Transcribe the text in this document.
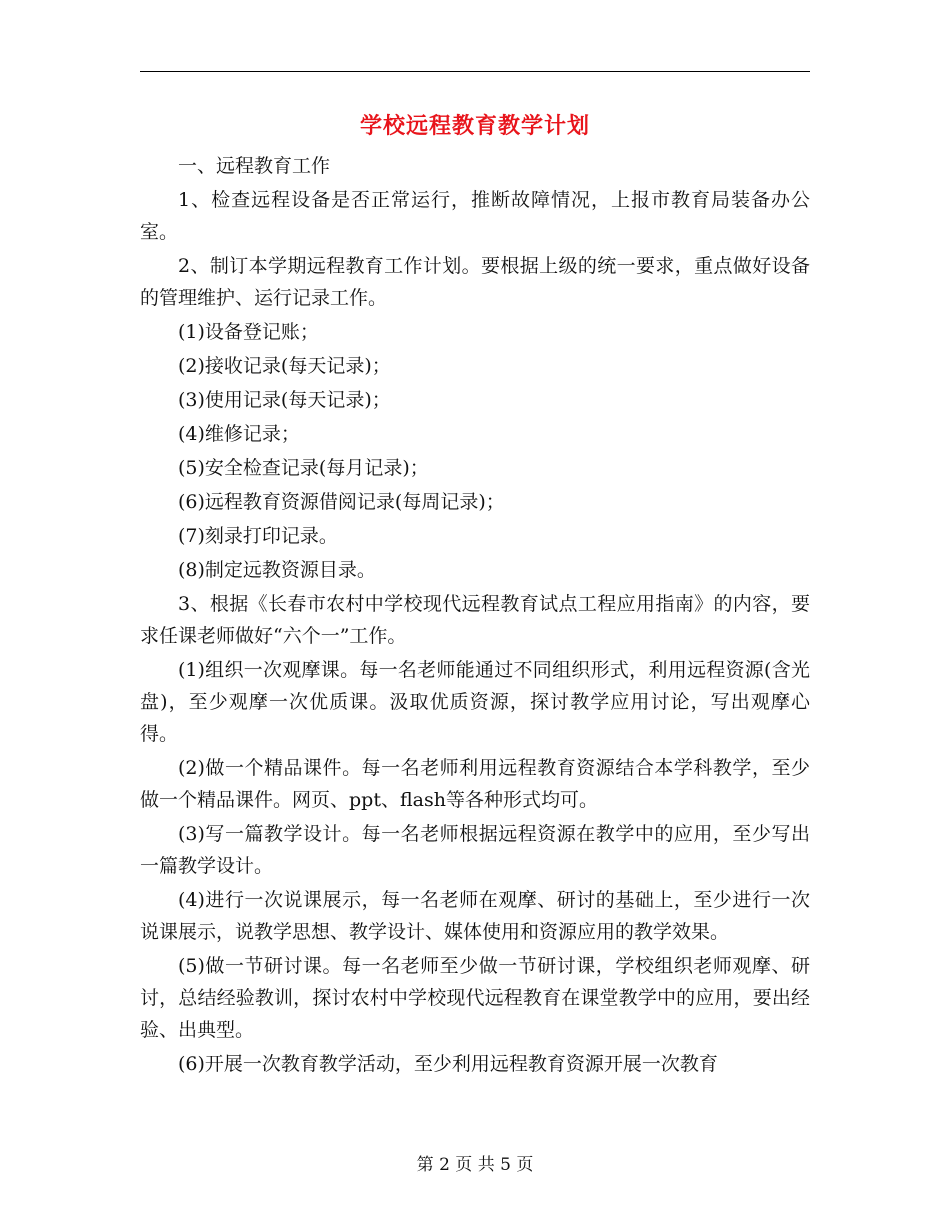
学校远程教育教学计划

一、远程教育工作

1、检查远程设备是否正常运行，推断故障情况，上报市教育局装备办公室。

2、制订本学期远程教育工作计划。要根据上级的统一要求，重点做好设备的管理维护、运行记录工作。

(1)设备登记账；

(2)接收记录(每天记录)；

(3)使用记录(每天记录)；

(4)维修记录；

(5)安全检查记录(每月记录)；

(6)远程教育资源借阅记录(每周记录)；

(7)刻录打印记录。

(8)制定远教资源目录。

3、根据《长春市农村中学校现代远程教育试点工程应用指南》的内容，要求任课老师做好“六个一”工作。

(1)组织一次观摩课。每一名老师能通过不同组织形式，利用远程资源(含光盘)，至少观摩一次优质课。汲取优质资源，探讨教学应用讨论，写出观摩心得。

(2)做一个精品课件。每一名老师利用远程教育资源结合本学科教学，至少做一个精品课件。网页、ppt、flash等各种形式均可。

(3)写一篇教学设计。每一名老师根据远程资源在教学中的应用，至少写出一篇教学设计。

(4)进行一次说课展示，每一名老师在观摩、研讨的基础上，至少进行一次说课展示，说教学思想、教学设计、媒体使用和资源应用的教学效果。

(5)做一节研讨课。每一名老师至少做一节研讨课，学校组织老师观摩、研讨，总结经验教训，探讨农村中学校现代远程教育在课堂教学中的应用，要出经验、出典型。

(6)开展一次教育教学活动，至少利用远程教育资源开展一次教育

第 2 页 共 5 页
